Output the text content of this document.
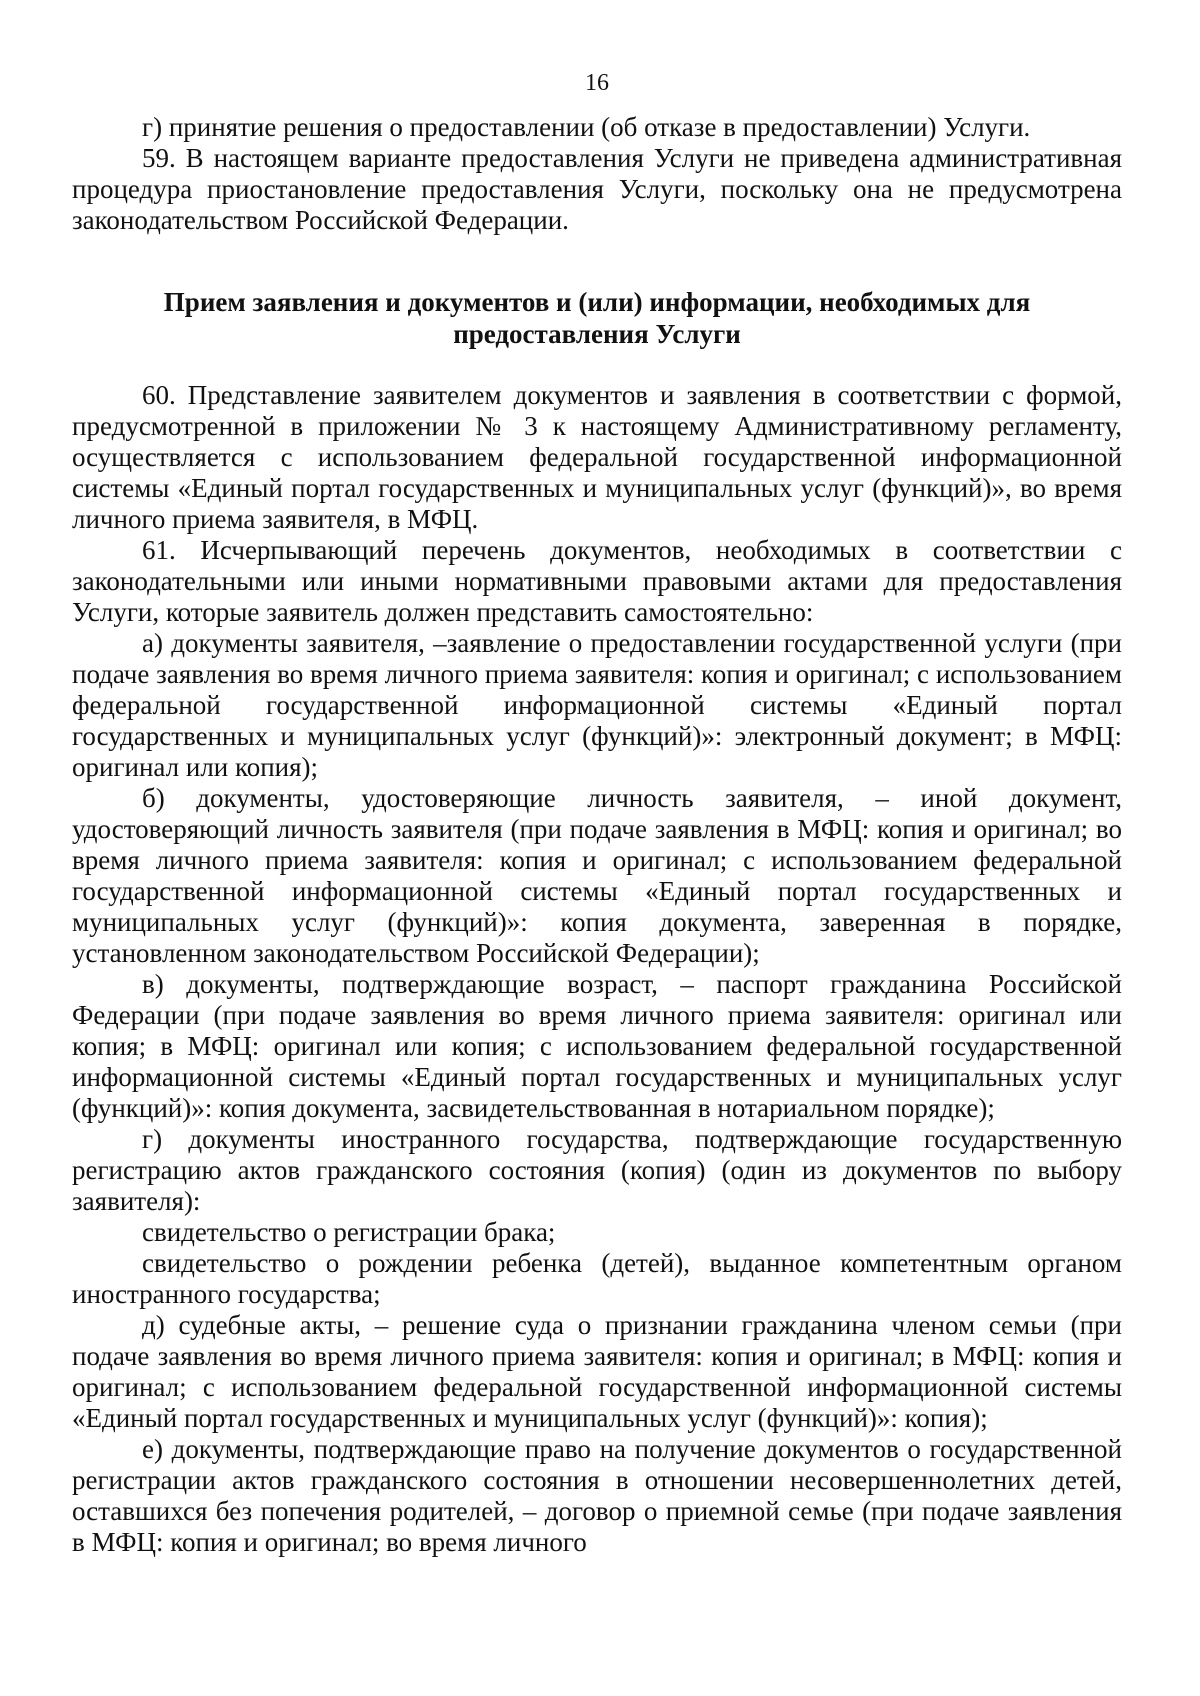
16

г) принятие решения о предоставлении (об отказе в предоставлении) Услуги.

59. В настоящем варианте предоставления Услуги не приведена административная процедура приостановление предоставления Услуги, поскольку она не предусмотрена законодательством Российской Федерации.

Прием заявления и документов и (или) информации, необходимых для предоставления Услуги

60. Представление заявителем документов и заявления в соответствии с формой, предусмотренной в приложении № 3 к настоящему Административному регламенту, осуществляется с использованием федеральной государственной информационной системы «Единый портал государственных и муниципальных услуг (функций)», во время личного приема заявителя, в МФЦ.

61. Исчерпывающий перечень документов, необходимых в соответствии с законодательными или иными нормативными правовыми актами для предоставления Услуги, которые заявитель должен представить самостоятельно:

а) документы заявителя, –заявление о предоставлении государственной услуги (при подаче заявления во время личного приема заявителя: копия и оригинал; с использованием федеральной государственной информационной системы «Единый портал государственных и муниципальных услуг (функций)»: электронный документ; в МФЦ: оригинал или копия);

б) документы, удостоверяющие личность заявителя, – иной документ, удостоверяющий личность заявителя (при подаче заявления в МФЦ: копия и оригинал; во время личного приема заявителя: копия и оригинал; с использованием федеральной государственной информационной системы «Единый портал государственных и муниципальных услуг (функций)»: копия документа, заверенная в порядке, установленном законодательством Российской Федерации);

в) документы, подтверждающие возраст, – паспорт гражданина Российской Федерации (при подаче заявления во время личного приема заявителя: оригинал или копия; в МФЦ: оригинал или копия; с использованием федеральной государственной информационной системы «Единый портал государственных и муниципальных услуг (функций)»: копия документа, засвидетельствованная в нотариальном порядке);

г) документы иностранного государства, подтверждающие государственную регистрацию актов гражданского состояния (копия) (один из документов по выбору заявителя):

свидетельство о регистрации брака;

свидетельство о рождении ребенка (детей), выданное компетентным органом иностранного государства;

д) судебные акты, – решение суда о признании гражданина членом семьи (при подаче заявления во время личного приема заявителя: копия и оригинал; в МФЦ: копия и оригинал; с использованием федеральной государственной информационной системы «Единый портал государственных и муниципальных услуг (функций)»: копия);

е) документы, подтверждающие право на получение документов о государственной регистрации актов гражданского состояния в отношении несовершеннолетних детей, оставшихся без попечения родителей, – договор о приемной семье (при подаче заявления в МФЦ: копия и оригинал; во время личного
